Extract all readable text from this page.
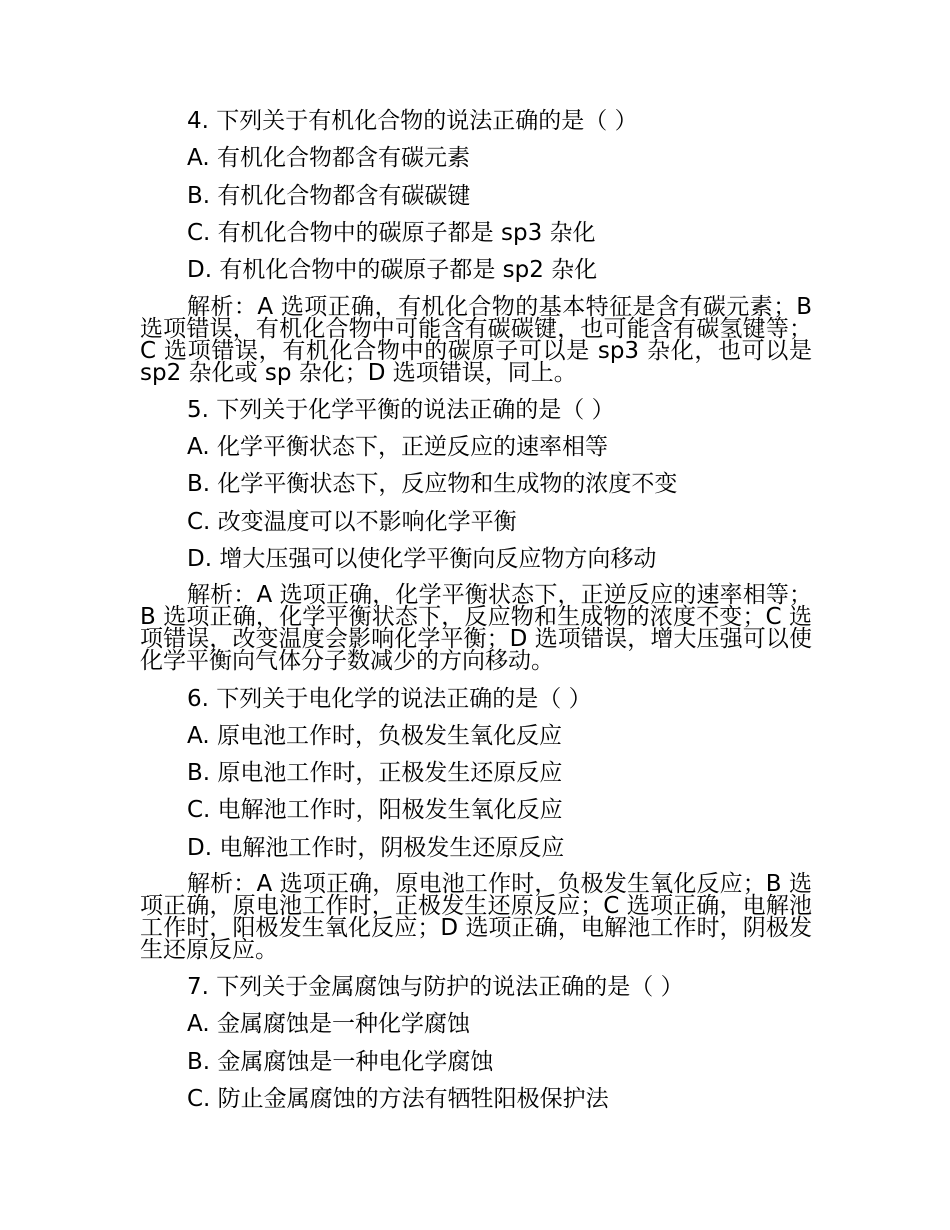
4. 下列关于有机化合物的说法正确的是（ ）
A. 有机化合物都含有碳元素
B. 有机化合物都含有碳碳键
C. 有机化合物中的碳原子都是 sp3 杂化
D. 有机化合物中的碳原子都是 sp2 杂化
解析：A 选项正确，有机化合物的基本特征是含有碳元素；B 选项错误，有机化合物中可能含有碳碳键，也可能含有碳氢键等；C 选项错误，有机化合物中的碳原子可以是 sp3 杂化，也可以是 sp2 杂化或 sp 杂化；D 选项错误，同上。
5. 下列关于化学平衡的说法正确的是（ ）
A. 化学平衡状态下，正逆反应的速率相等
B. 化学平衡状态下，反应物和生成物的浓度不变
C. 改变温度可以不影响化学平衡
D. 增大压强可以使化学平衡向反应物方向移动
解析：A 选项正确，化学平衡状态下，正逆反应的速率相等；B 选项正确，化学平衡状态下，反应物和生成物的浓度不变；C 选项错误，改变温度会影响化学平衡；D 选项错误，增大压强可以使化学平衡向气体分子数减少的方向移动。
6. 下列关于电化学的说法正确的是（ ）
A. 原电池工作时，负极发生氧化反应
B. 原电池工作时，正极发生还原反应
C. 电解池工作时，阳极发生氧化反应
D. 电解池工作时，阴极发生还原反应
解析：A 选项正确，原电池工作时，负极发生氧化反应；B 选项正确，原电池工作时，正极发生还原反应；C 选项正确，电解池工作时，阳极发生氧化反应；D 选项正确，电解池工作时，阴极发生还原反应。
7. 下列关于金属腐蚀与防护的说法正确的是（ ）
A. 金属腐蚀是一种化学腐蚀
B. 金属腐蚀是一种电化学腐蚀
C. 防止金属腐蚀的方法有牺牲阳极保护法
